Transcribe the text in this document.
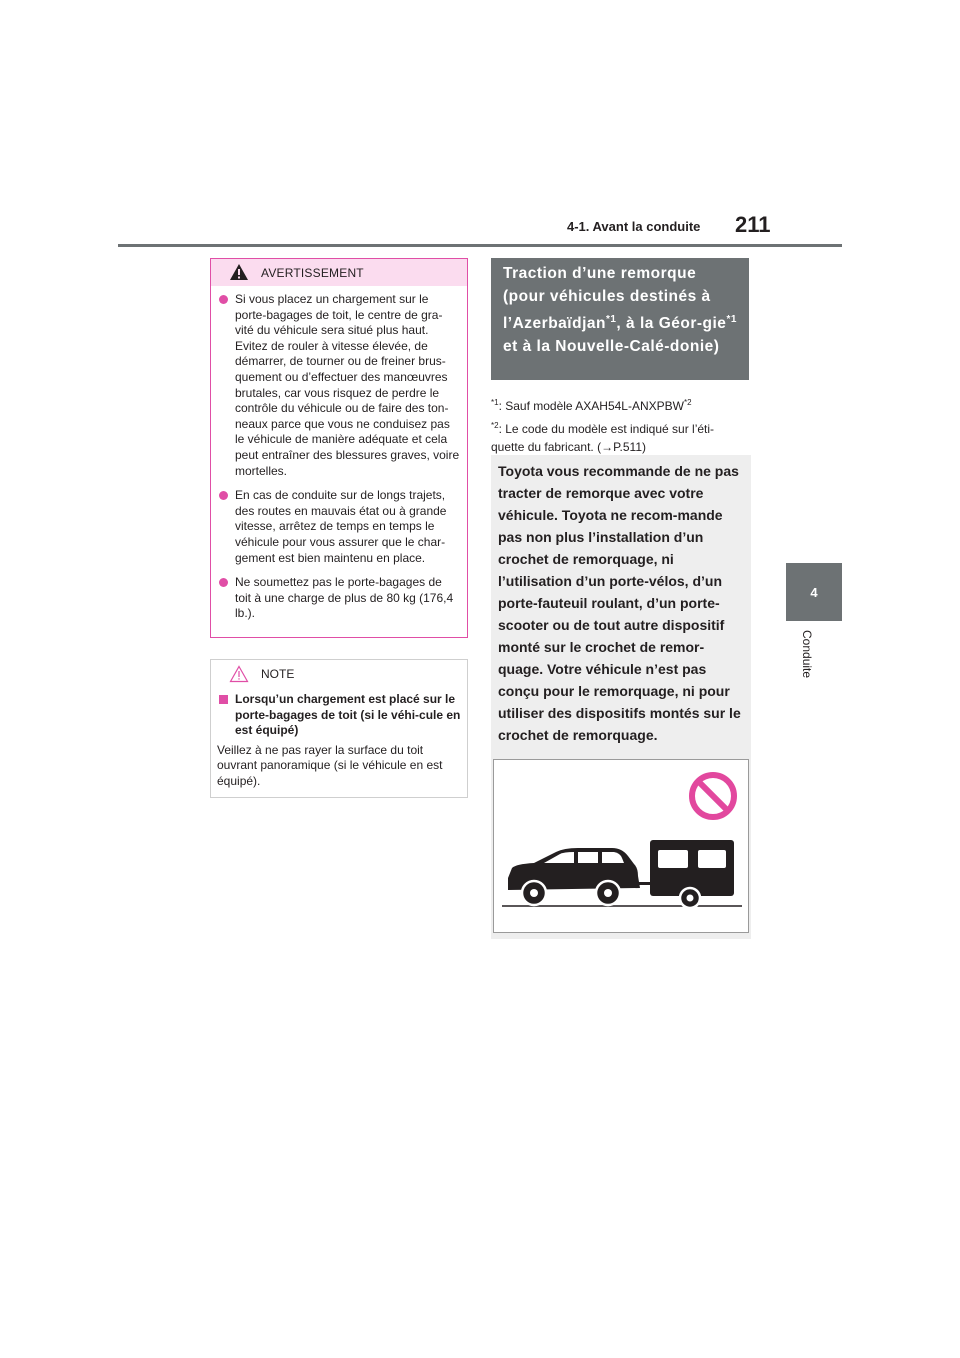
4-1. Avant la conduite 211
4
Conduite
AVERTISSEMENT
Si vous placez un chargement sur le porte-bagages de toit, le centre de gra-vité du véhicule sera situé plus haut. Evitez de rouler à vitesse élevée, de démarrer, de tourner ou de freiner brus-quement ou d’effectuer des manœuvres brutales, car vous risquez de perdre le contrôle du véhicule ou de faire des ton-neaux parce que vous ne conduisez pas le véhicule de manière adéquate et cela peut entraîner des blessures graves, voire mortelles.
En cas de conduite sur de longs trajets, des routes en mauvais état ou à grande vitesse, arrêtez de temps en temps le véhicule pour vous assurer que le char-gement est bien maintenu en place.
Ne soumettez pas le porte-bagages de toit à une charge de plus de 80 kg (176,4 lb.).
NOTE
Lorsqu’un chargement est placé sur le porte-bagages de toit (si le véhi-cule en est équipé)
Veillez à ne pas rayer la surface du toit ouvrant panoramique (si le véhicule en est équipé).
Traction d’une remorque (pour véhicules destinés à l’Azerbaïdjan$^{*1}$, à la Géor-gie$^{*1}$ et à la Nouvelle-Calé-donie)
$^{*1}$: Sauf modèle AXAH54L-ANXPBW$^{*2}$
$^{*2}$: Le code du modèle est indiqué sur l’éti-quette du fabricant. (→P.511)
Toyota vous recommande de ne pas tracter de remorque avec votre véhicule. Toyota ne recom-mande pas non plus l’installation d’un crochet de remorquage, ni l’utilisation d’un porte-vélos, d’un porte-fauteuil roulant, d’un porte-scooter ou de tout autre dispositif monté sur le crochet de remor-quage. Votre véhicule n’est pas conçu pour le remorquage, ni pour utiliser des dispositifs montés sur le crochet de remorquage.
